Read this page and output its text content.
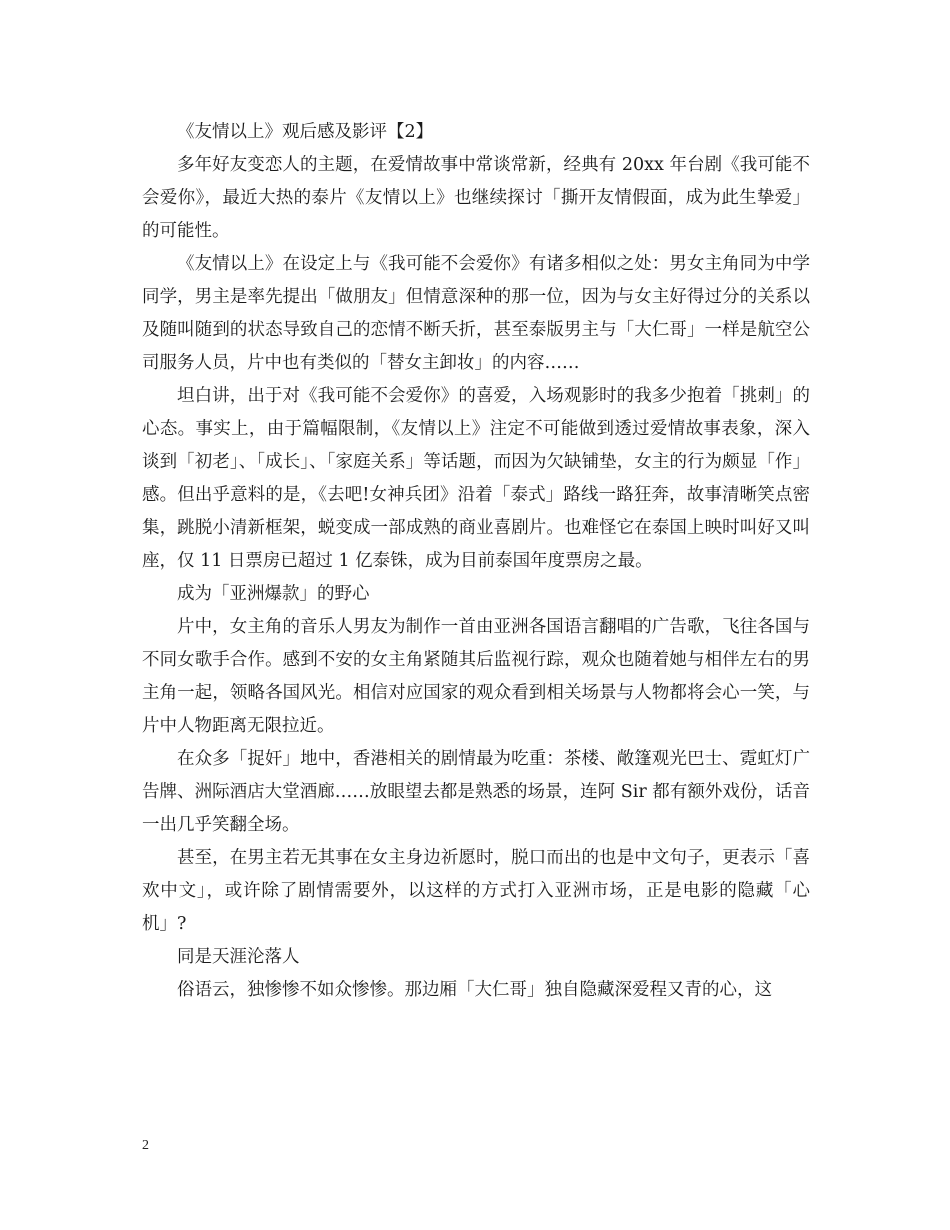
《友情以上》观后感及影评【2】

多年好友变恋人的主题，在爱情故事中常谈常新，经典有 20xx 年台剧《我可能不会爱你》，最近大热的泰片《友情以上》也继续探讨「撕开友情假面，成为此生挚爱」的可能性。

《友情以上》在设定上与《我可能不会爱你》有诸多相似之处：男女主角同为中学同学，男主是率先提出「做朋友」但情意深种的那一位，因为与女主好得过分的关系以及随叫随到的状态导致自己的恋情不断夭折，甚至泰版男主与「大仁哥」一样是航空公司服务人员，片中也有类似的「替女主卸妆」的内容……

坦白讲，出于对《我可能不会爱你》的喜爱，入场观影时的我多少抱着「挑刺」的心态。事实上，由于篇幅限制，《友情以上》注定不可能做到透过爱情故事表象，深入谈到「初老」、「成长」、「家庭关系」等话题，而因为欠缺铺垫，女主的行为颇显「作」感。但出乎意料的是，《去吧!女神兵团》沿着「泰式」路线一路狂奔，故事清晰笑点密集，跳脱小清新框架，蜕变成一部成熟的商业喜剧片。也难怪它在泰国上映时叫好又叫座，仅 11 日票房已超过 1 亿泰铢，成为目前泰国年度票房之最。

成为「亚洲爆款」的野心

片中，女主角的音乐人男友为制作一首由亚洲各国语言翻唱的广告歌，飞往各国与不同女歌手合作。感到不安的女主角紧随其后监视行踪，观众也随着她与相伴左右的男主角一起，领略各国风光。相信对应国家的观众看到相关场景与人物都将会心一笑，与片中人物距离无限拉近。

在众多「捉奸」地中，香港相关的剧情最为吃重：茶楼、敞篷观光巴士、霓虹灯广告牌、洲际酒店大堂酒廊……放眼望去都是熟悉的场景，连阿 Sir 都有额外戏份，话音一出几乎笑翻全场。

甚至，在男主若无其事在女主身边祈愿时，脱口而出的也是中文句子，更表示「喜欢中文」，或许除了剧情需要外，以这样的方式打入亚洲市场，正是电影的隐藏「心机」?

同是天涯沦落人

俗语云，独惨惨不如众惨惨。那边厢「大仁哥」独自隐藏深爱程又青的心，这

2
